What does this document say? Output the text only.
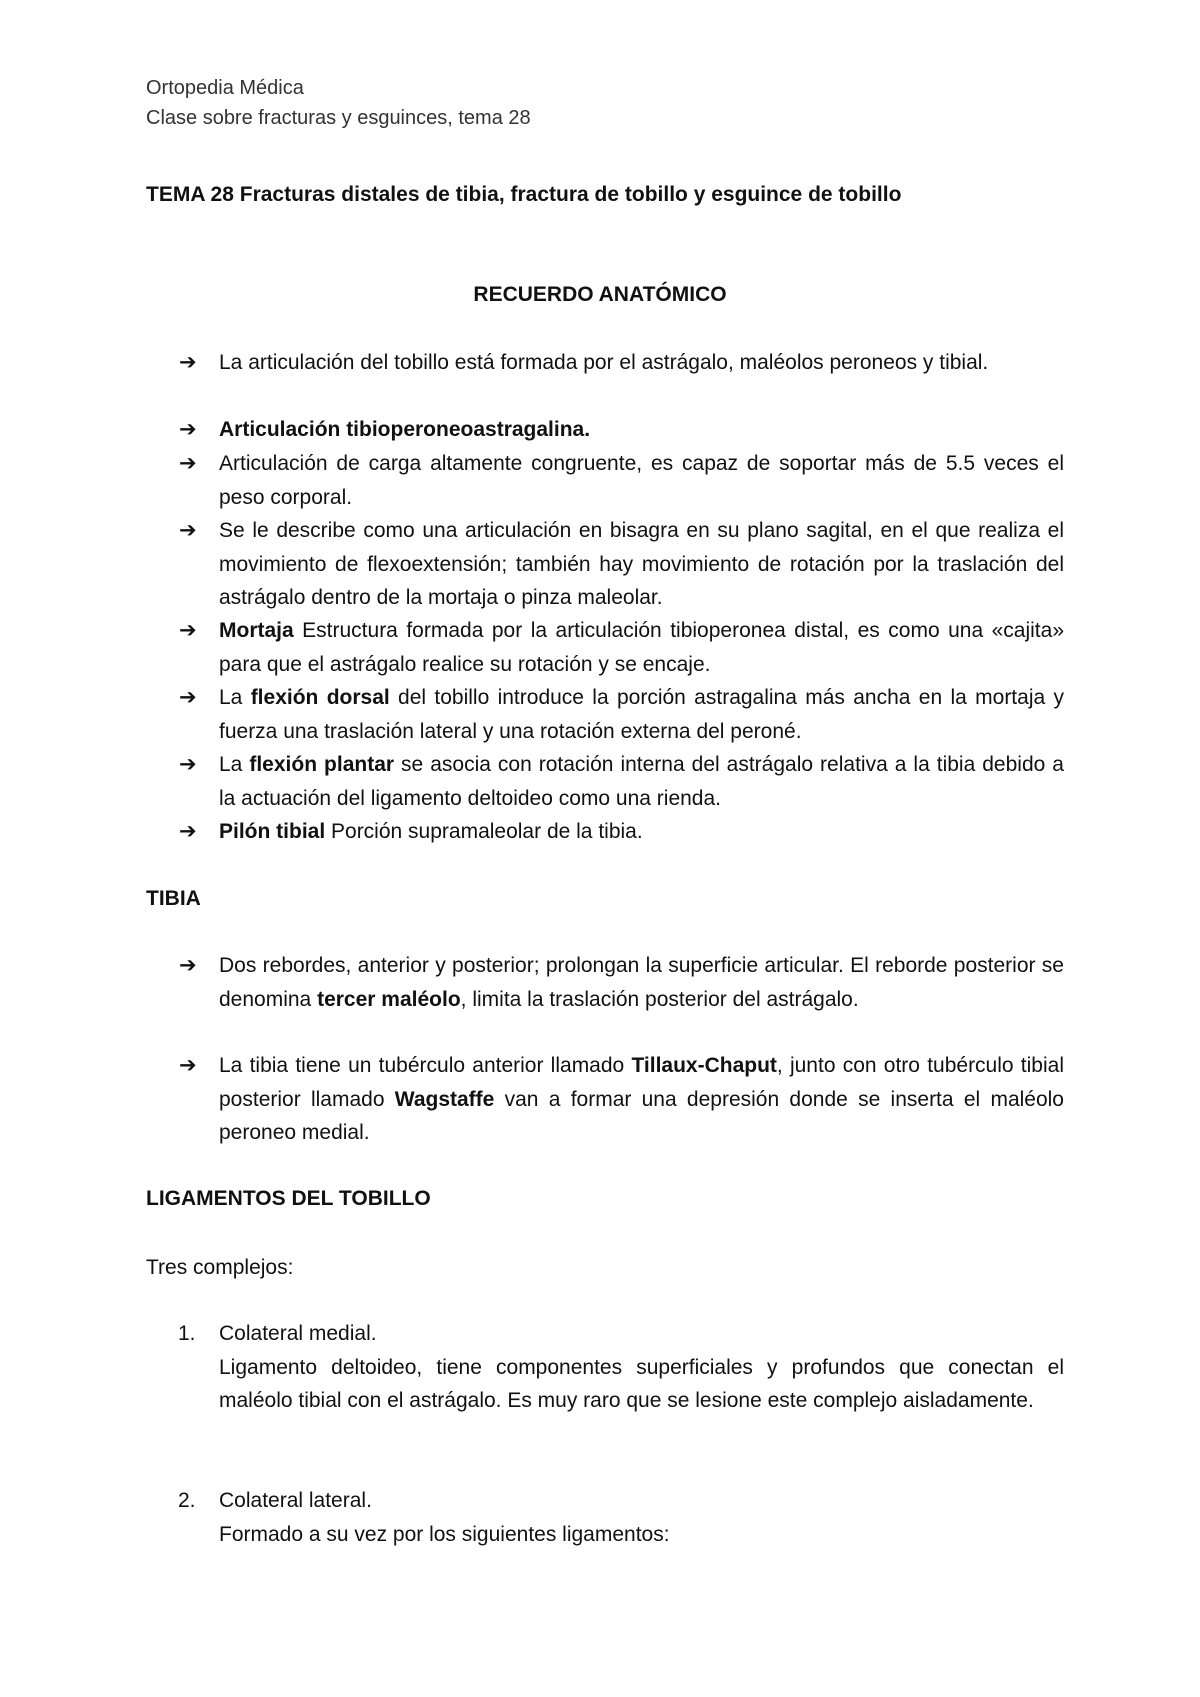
Ortopedia Médica

Clase sobre fracturas y esguinces, tema 28

TEMA 28 Fracturas distales de tibia, fractura de tobillo y esguince de tobillo

RECUERDO ANATÓMICO

➔ La articulación del tobillo está formada por el astrágalo, maléolos peroneos y tibial.
➔ Articulación tibioperoneoastragalina.
➔ Articulación de carga altamente congruente, es capaz de soportar más de 5.5 veces el peso corporal.
➔ Se le describe como una articulación en bisagra en su plano sagital, en el que realiza el movimiento de flexoextensión; también hay movimiento de rotación por la traslación del astrágalo dentro de la mortaja o pinza maleolar.
➔ Mortaja Estructura formada por la articulación tibioperonea distal, es como una «cajita» para que el astrágalo realice su rotación y se encaje.
➔ La flexión dorsal del tobillo introduce la porción astragalina más ancha en la mortaja y fuerza una traslación lateral y una rotación externa del peroné.
➔ La flexión plantar se asocia con rotación interna del astrágalo relativa a la tibia debido a la actuación del ligamento deltoideo como una rienda.
➔ Pilón tibial Porción supramaleolar de la tibia.

TIBIA

➔ Dos rebordes, anterior y posterior; prolongan la superficie articular. El reborde posterior se denomina tercer maléolo, limita la traslación posterior del astrágalo.
➔ La tibia tiene un tubérculo anterior llamado Tillaux-Chaput, junto con otro tubérculo tibial posterior llamado Wagstaffe van a formar una depresión donde se inserta el maléolo peroneo medial.

LIGAMENTOS DEL TOBILLO

Tres complejos:

1. Colateral medial.
Ligamento deltoideo, tiene componentes superficiales y profundos que conectan el maléolo tibial con el astrágalo. Es muy raro que se lesione este complejo aisladamente.
2. Colateral lateral.
Formado a su vez por los siguientes ligamentos:
